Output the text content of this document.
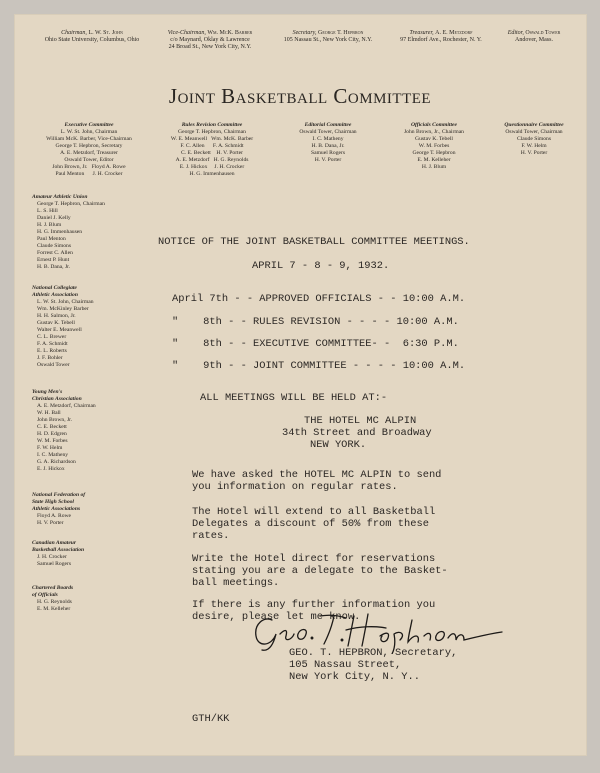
Chairman, L. W. St. John
Ohio State University, Columbus, Ohio
Vice-Chairman, Wm. McK. Barber
c/o Maynard, Oklay & Lawrence
24 Broad St., New York City, N.Y.
Secretary, George T. Hepbron
105 Nassau St., New York City, N.Y.
Treasurer, A. E. Metzdorf
97 Elmdorf Ave., Rochester, N. Y.
Editor, Oswald Tower
Andover, Mass.
Joint Basketball Committee
Executive Committee
L. W. St. John, Chairman
William McK. Barber, Vice-Chairman
George T. Hepbron, Secretary
A. E. Metzdorf, Treasurer
Oswald Tower, Editor
John Brown, Jr.   Floyd A. Rowe
Paul Menton      J. H. Crocker
Rules Revision Committee
George T. Hepbron, Chairman
W. E. Meanwell   Wm. McK. Barber
F. C. Allen      F. A. Schmidt
C. E. Beckett    H. V. Porter
A. E. Metzdorf   H. G. Reynolds
E. J. Hickox     J. H. Crocker
H. G. Immenhausen
Editorial Committee
Oswald Tower, Chairman
I. C. Matheny
H. B. Dana, Jr.
Samuel Rogers
H. V. Porter
Officials Committee
John Brown, Jr., Chairman
Gustav K. Tebell
W. M. Forbes
George T. Hepbron
E. M. Kelleher
H. J. Blum
Questionnaire Committee
Oswald Tower, Chairman
Claude Simons
F. W. Helm
H. V. Porter
Amateur Athletic Union
George T. Hepbron, Chairman
L. S. Hill
Daniel J. Kelly
H. J. Blum
H. G. Immenhausen
Paul Menton
Claude Simons
Forrest C. Allen
Ernest P. Hunt
H. B. Dana, Jr.
National Collegiate
Athletic Association
L. W. St. John, Chairman
Wm. McKinley Barber
H. H. Salmon, Jr.
Gustav K. Tebell
Walter E. Meanwell
C. L. Brewer
F. A. Schmidt
E. L. Roberts
J. F. Bohler
Oswald Tower
Young Men's
Christian Association
A. E. Metzdorf, Chairman
W. H. Ball
John Brown, Jr.
C. E. Beckett
H. D. Edgren
W. M. Forbes
F. W. Helm
I. C. Matheny
G. A. Richardson
E. J. Hickox
National Federation of
State High School
Athletic Associations
Floyd A. Rowe
H. V. Porter
Canadian Amateur
Basketball Association
J. H. Crocker
Samuel Rogers
Chartered Boards
of Officials
H. G. Reynolds
E. M. Kelleher
NOTICE OF THE JOINT BASKETBALL COMMITTEE MEETINGS.
APRIL 7 - 8 - 9, 1932.
April 7th - - APPROVED OFFICIALS - - 10:00 A.M.
"    8th - - RULES REVISION - - - - 10:00 A.M.
"    8th - - EXECUTIVE COMMITTEE- -  6:30 P.M.
"    9th - - JOINT COMMITTEE - - - - 10:00 A.M.
ALL MEETINGS WILL BE HELD AT:-
THE HOTEL MC ALPIN
34th Street and Broadway
NEW YORK.
We have asked the HOTEL MC ALPIN to send
you information on regular rates.
The Hotel will extend to all Basketball
Delegates a discount of 50% from these
rates.
Write the Hotel direct for reservations
stating you are a delegate to the Basket-
ball meetings.
If there is any further information you
desire, please let me know.
GEO. T. HEPBRON, Secretary,
105 Nassau Street,
New York City, N. Y..
GTH/KK
